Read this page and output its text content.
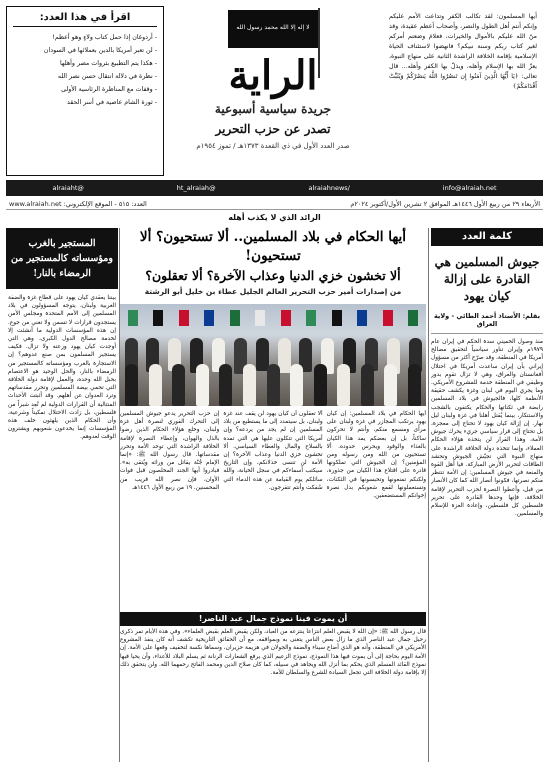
أيها المسلمون: لقد تكالب الكفر وتداعت الأمم عليكم وإنكم أنتم أهل الطول والنصر، وأصحاب أعظم عقيدة، وقد منّ الله عليكم بالأموال والخيرات، فعلامَ وضعتم أمركم لغير كتاب ربكم وسنة نبيكم؟ فانهضوا لاستئناف الحياة الإسلامية بإقامة الخلافة الراشدة الثانية على منهاج النبوة، يعزّ الله بها الإسلام وأهله، ويذلّ بها الكفر وأهله... قال تعالى: ﴿يَا أَيُّهَا الَّذِينَ آمَنُوا إِن تَنصُرُوا اللَّهَ يَنصُرْكُمْ وَيُثَبِّتْ أَقْدَامَكُمْ﴾

لا إله إلا الله محمد رسول الله
الراية
جريدة سياسية أسبوعية
تصدر عن حزب التحرير
صدر العدد الأول في ذي القعدة ١٣٧٣هـ / تموز ١٩٥٤م
اقرأ في هذا العدد:
- أردوغان إذا حمل كتاب ولاءٍ وهو أعظم!
- لن تعبر أمريكا بالدين بعملائها في السودان
- هكذا يتم التطبيع بثروات مصر وأهلها
- نظرة في دلالة انتقال حسن نصر الله
- وقفات مع المناظرة الرئاسية الأولى
- ثورة الشام عاصية في أسر الحقد
info@alraiah.net
/alraiahnews
@ht_alraiah
@alraiaht
الأربعاء ٢٩ من ربيع الأول ١٤٤٦هـ الموافق ٢ تشرين الأول/أكتوبر ٢٠٢٤م
العدد: ٥١٥ - الموقع الإلكتروني: www.alraiah.net
الرائد الذي لا يكذب أهله
كلمة العدد
جيوش المسلمين هي القادرة على إزالة كيان يهود
بقلم: الأستاذ أحمد الطائي - ولاية العراق
منذ وصول الخميني سدة الحكم في إيران عام ١٩٧٩م وإيران تناور سياسياً لتحقيق مصالح أمريكا في المنطقة، وقد صرّح أكثر من مسؤول إيراني بأن إيران ساعدت أمريكا في احتلال أفغانستان والعراق، وهي لا تزال تقوم بدور وظيفي في المنطقة خدمة للمشروع الأمريكي. وما يجري اليوم في لبنان وغزة يكشف حقيقة الأنظمة كلها، فالجيوش في بلاد المسلمين رابضة في ثكناتها والحكام يكتفون بالشجب والاستنكار، بينما يُقتل أهلنا في غزة ولبنان ليل نهار. إن إزالة كيان يهود لا تحتاج إلى معجزة، بل تحتاج إلى قرار سياسي جريء يحرك جيوش الأمة، وهذا القرار لن يتخذه هؤلاء الحكام العملاء، وإنما تتخذه دولة الخلافة الراشدة على منهاج النبوة التي تجيّش الجيوش وتحشد الطاقات لتحرير الأرض المباركة. فيا أهل القوة والمنعة في جيوش المسلمين: إن الأمة تنتظر منكم نصرتها، فكونوا أنصار الله كما كان الأنصار من قبل، وأعطوا النصرة لحزب التحرير لإقامة الخلافة، فإنها وحدها القادرة على تحرير فلسطين كل فلسطين، وإعادة العزة للإسلام والمسلمين.
أيها الحكام في بلاد المسلمين.. ألا تستحيون؟ ألا تستحيون!
ألا تخشون خزي الدنيا وعذاب الآخرة؟ ألا تعقلون؟
من إصدارات أمير حزب التحرير العالم الجليل عطاء بن خليل أبو الرشتة
أيها الحكام في بلاد المسلمين: إن كيان يهود يرتكب المجازر في غزة ولبنان على مرأى ومسمع منكم، وأنتم لا تحركون ساكناً، بل إن بعضكم يمد هذا الكيان بالغذاء والوقود ويحرس حدوده. ألا تستحيون من الله ومن رسوله ومن المؤمنين؟ إن الجيوش التي تملكونها قادرة على اقتلاع هذا الكيان من جذوره، ولكنكم تمنعونها وتحبسونها في الثكنات، وتستعملونها لقمع شعوبكم بدل نصرة إخوانكم المستضعفين.
ألا تعقلون أن كيان يهود لن يقف عند غزة ولبنان، بل سيتمدد إلى ما يستطيع من بلاد المسلمين إن لم يجد من يردعه؟ وإن أمريكا التي تتكلون عليها هي التي تمده بالسلاح والمال والغطاء السياسي. ألا تخشون خزي الدنيا وعذاب الآخرة؟ إن الأمة لن تنسى خذلانكم، وإن التاريخ سيكتب أسماءكم في سجل الخيانة، والله سائلكم يوم القيامة عن هذه الدماء التي سُفكت وأنتم تتفرجون.
إن حزب التحرير يدعو جيوش المسلمين إلى التحرك الفوري لنصرة أهل غزة ولبنان، وخلع هؤلاء الحكام الذين رضوا بالذل والهوان، وإعطاء النصرة لإقامة الخلافة الراشدة التي توحد الأمة وتحرر مقدساتها. قال رسول الله ﷺ: «إنما الإمام جُنّة يقاتل من ورائه ويُتقى به». فبادروا أيها الجند المخلصون قبل فوات الأوان، فإن نصر الله قريب من المحسنين. ١٩ من ربيع الأول ١٤٤٦هـ
أن يموت فينا نموذج جمال عبد الناصر!
قال رسول الله ﷺ: «إن الله لا يقبض العلم انتزاعاً ينتزعه من العباد، ولكن يقبض العلم بقبض العلماء». وفي هذه الأيام تمر ذكرى رحيل جمال عبد الناصر الذي ما زال بعض الناس يتغنى به وبمواقفه، مع أن الحقائق التاريخية تكشف أنه كان ينفذ المشروع الأمريكي في المنطقة، وأنه هو الذي أضاع سيناء والضفة والجولان في هزيمة حزيران، وسماها نكسة لتخفيف وقعها على الأمة. إن الأمة اليوم بحاجة إلى أن يموت فيها هذا النموذج، نموذج الزعيم الذي يرفع الشعارات الرنانة ثم يسلم البلاد للأعداء، وأن يحيا فيها نموذج القائد المسلم الذي يحكم بما أنزل الله ويجاهد في سبيله، كما كان صلاح الدين ومحمد الفاتح رحمهما الله. ولن يتحقق ذلك إلا بإقامة دولة الخلافة التي تجعل السيادة للشرع والسلطان للأمة.
المستجير بالغرب ومؤسساته كالمستجير من الرمضاء بالنار!
بيننا يعقدي كيان يهود على قطاع غزة والضفة الغربية ولبنان، يتوجه المسؤولون في بلاد المسلمين إلى الأمم المتحدة ومجلس الأمن يستجدون قرارات لا تسمن ولا تغني من جوع. إن هذه المؤسسات الدولية ما أنشئت إلا لخدمة مصالح الدول الكبرى، وهي التي أوجدت كيان يهود ورعته ولا تزال. فكيف يستجير المسلمون بمن صنع عدوهم؟ إن الاستجارة بالغرب ومؤسساته كالمستجير من الرمضاء بالنار، والحل الوحيد هو الاعتصام بحبل الله وحده، والعمل لإقامة دولة الخلافة التي تحمي بيضة المسلمين وتحرر مقدساتهم وترد العدوان عن أهلهم. وقد أثبتت الأحداث المتتالية أن القرارات الدولية لم تُعِد شبراً من فلسطين، بل زادت الاحتلال تمكيناً وشرعية، وأن الحكام الذين يلهثون خلف هذه المؤسسات إنما يخدعون شعوبهم ويشترون الوقت لعدوهم.
